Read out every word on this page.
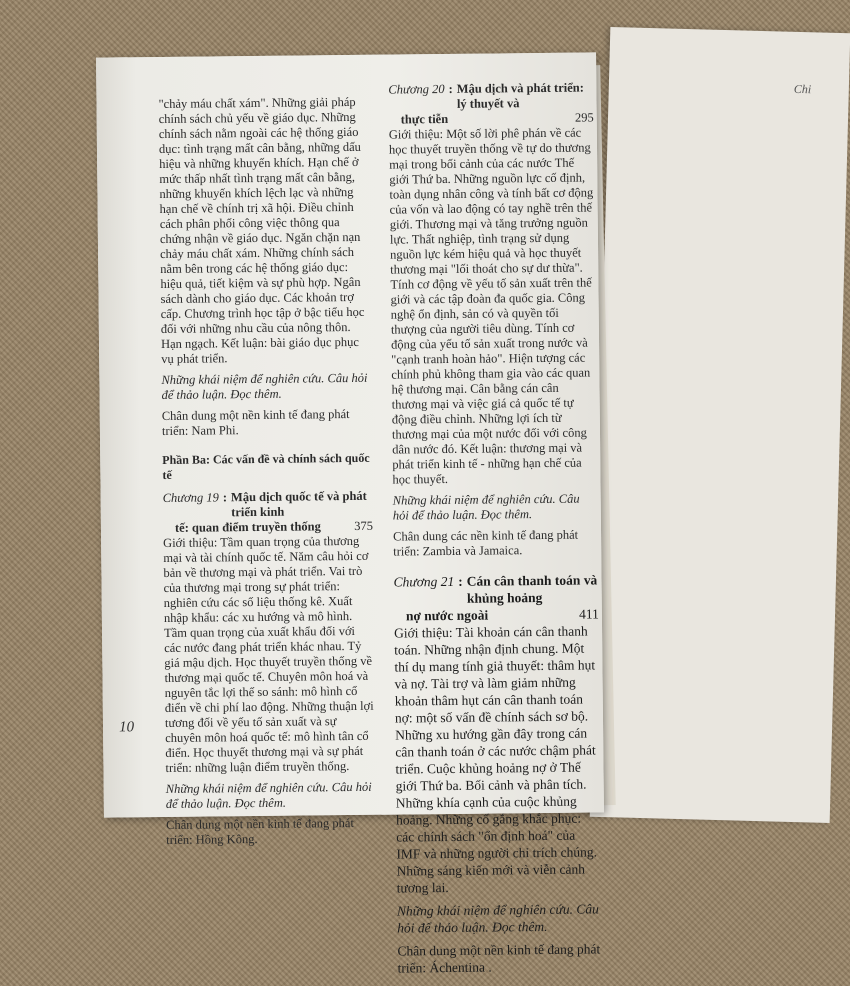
Chi

"chảy máu chất xám". Những giải pháp chính sách chủ yếu về giáo dục. Những chính sách nằm ngoài các hệ thống giáo dục: tình trạng mất cân bằng, những dấu hiệu và những khuyến khích. Hạn chế ở mức thấp nhất tình trạng mất cân bằng, những khuyến khích lệch lạc và những hạn chế về chính trị xã hội. Điều chỉnh cách phân phối công việc thông qua chứng nhận về giáo dục. Ngăn chặn nạn chảy máu chất xám. Những chính sách nằm bên trong các hệ thống giáo dục: hiệu quả, tiết kiệm và sự phù hợp. Ngân sách dành cho giáo dục. Các khoản trợ cấp. Chương trình học tập ở bậc tiểu học đối với những nhu cầu của nông thôn. Hạn ngạch. Kết luận: bài giáo dục phục vụ phát triển.

Những khái niệm để nghiên cứu. Câu hỏi để thảo luận. Đọc thêm.

Chân dung một nền kinh tế đang phát triển: Nam Phi.

Phần Ba: Các vấn đề và chính sách quốc tế
Chương 19 : Mậu dịch quốc tế và phát triển kinh
tế: quan điểm truyền thống	375

Giới thiệu: Tầm quan trọng của thương mại và tài chính quốc tế. Năm câu hỏi cơ bản về thương mại và phát triển. Vai trò của thương mại trong sự phát triển: nghiên cứu các số liệu thống kê. Xuất nhập khẩu: các xu hướng và mô hình. Tầm quan trọng của xuất khẩu đối với các nước đang phát triển khác nhau. Tỷ giá mậu dịch. Học thuyết truyền thống về thương mại quốc tế. Chuyên môn hoá và nguyên tắc lợi thế so sánh: mô hình cổ điển về chi phí lao động. Những thuận lợi tương đối về yếu tố sản xuất và sự chuyên môn hoá quốc tế: mô hình tân cổ điển. Học thuyết thương mại và sự phát triển: những luận điểm truyền thống.

Những khái niệm để nghiên cứu. Câu hỏi để thảo luận. Đọc thêm.

Chân dung một nền kinh tế đang phát triển: Hồng Kông.

Chương 20 : Mậu dịch và phát triển: lý thuyết và
thực tiễn	295

Giới thiệu: Một số lời phê phán về các học thuyết truyền thống về tự do thương mại trong bối cảnh của các nước Thế giới Thứ ba. Những nguồn lực cố định, toàn dụng nhân công và tính bất cơ động của vốn và lao động có tay nghề trên thế giới. Thương mại và tăng trưởng nguồn lực. Thất nghiệp, tình trạng sử dụng nguồn lực kém hiệu quả và học thuyết thương mại "lối thoát cho sự dư thừa". Tính cơ động về yếu tố sản xuất trên thế giới và các tập đoàn đa quốc gia. Công nghệ ổn định, sản có và quyền tối thượng của người tiêu dùng. Tính cơ động của yếu tố sản xuất trong nước và "cạnh tranh hoàn hảo". Hiện tượng các chính phủ không tham gia vào các quan hệ thương mại. Cân bằng cán cân thương mại và việc giá cả quốc tế tự động điều chỉnh. Những lợi ích từ thương mại của một nước đối với công dân nước đó. Kết luận: thương mại và phát triển kinh tế - những hạn chế của học thuyết.

Những khái niệm để nghiên cứu. Câu hỏi để thảo luận. Đọc thêm.

Chân dung các nền kinh tế đang phát triển: Zambia và Jamaica.

Chương 21 : Cán cân thanh toán và khủng hoảng
nợ nước ngoài	411

Giới thiệu: Tài khoản cán cân thanh toán. Những nhận định chung. Một thí dụ mang tính giả thuyết: thâm hụt và nợ. Tài trợ và làm giảm những khoản thâm hụt cán cân thanh toán nợ: một số vấn đề chính sách sơ bộ. Những xu hướng gần đây trong cán cân thanh toán ở các nước chậm phát triển. Cuộc khủng hoảng nợ ở Thế giới Thứ ba. Bối cảnh và phân tích. Những khía cạnh của cuộc khủng hoảng. Những cố gắng khắc phục: các chính sách "ổn định hoá" của IMF và những người chỉ trích chúng. Những sáng kiến mới và viễn cảnh tương lai.

Những khái niệm để nghiên cứu. Câu hỏi để thảo luận. Đọc thêm.

Chân dung một nền kinh tế đang phát triển: Áchentina .

10
